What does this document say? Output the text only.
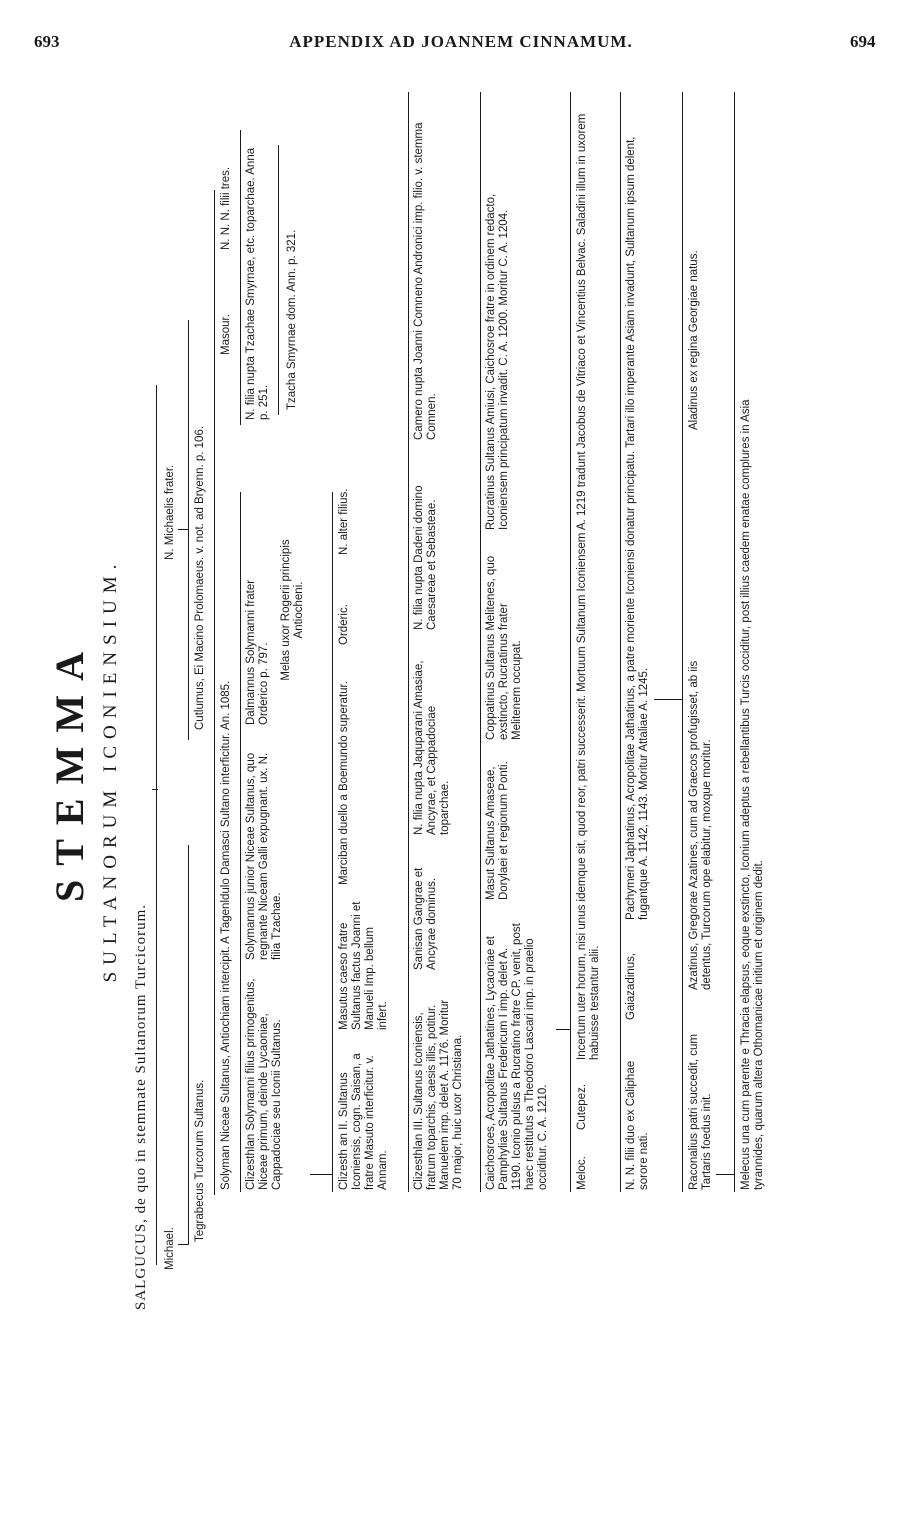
693	APPENDIX AD JOANNEM CINNAMUM.	694
STEMMA SULTANORUM ICONIENSIUM.
SALGUCUS, de quo in stemmate Sultanorum Turcicorum. Michael.
N. Michaelis frater.
Tegrabecus Turcorum Sultanus.
Cutlumus, Ei Macino Prolomaeus. v. not. ad Bryenn. p. 106.
Solyman Niceae Sultanus, Antiochiam intercipit. A Tagenldulo Damasci Sultano interficitur. An. 1085.
Masour.
N. N. N. filii tres.
Clizesthlan Solymanni filius primogenitus, Niceae primum, deinde Lycaoniae, Cappadociae seu Iconii Sultanus.
Solymannus junior Niceae Sultanus, quo regnante Niceam Galli expugnant. ux. N. filia Tzachae.
Dalmannus Solymanni frater Orderico p. 797.
N. filia nupta Tzachae Smyrnae, etc. toparchae. Anna p. 251.
Melas uxor Rogerii principis Antiocheni.
Tzacha Smyrnae dom. Ann. p. 321.
Clizesth an II. Sultanus Iconiensis, cogn. Saisan, a fratre Masuto interficitur. v. Annam.
Masutus caeso fratre Sultanus factus Joanni et Manueli Imp. bellum infert.
Marciban duello a Boemundo superatur.
Orderic.
N. alter filius.
Clizesthlan III. Sultanus Iconiensis, fratrum toparchis, caesis illis, potitur. Manuelem imp. delet A. 1176. Moritur 70 major, huic uxor Christiana.
Sanisan Gangrae et Ancyrae dominus.
N. filia nupta Jaquparani Amasiae, Ancyrae, et Cappadociae toparchae.
N. filia nupta Dadeni domino Caesareae et Sebasteae.
Camero nupta Joanni Comneno Andronici imp. filio. v. stemma Comnen.
Caichosroes, Acropolitae Jathatines, Lycaoniae et Pamphyliae Sultanus Fredericum I imp. delet A. 1190. Iconio pulsus a Rucratino fratre CP. venit, post haec restitutus a Theodoro Lascari imp. in praelio occiditur. C. A. 1210.
Masut Sultanus Amaseae, Dorylaei et regionum Ponti.
Coppatinus Sultanus Melitenes, quo exstincto, Rucratinus frater Melitenem occupat.
Rucratinus Sultanus Amiusi, Caichosroe fratre in ordinem redacto, Iconiensem principatum invadit. C. A. 1200. Moritur C. A. 1204.
Meloc.
Cutepez.
Incertum uter horum, nisi unus idemque sit, quod reor, patri successerit. Mortuum Sultanum Iconiensem A. 1219 tradunt Jacobus de Vitriaco et Vincentius Belvac. Saladini illum in uxorem habuisse testantur alii.
N. N. filii duo ex Caliphae sorore nati.
Gaiazadinus,
Pachymeri Japhatinus, Acropolitae Jathatinus, a patre moriente Iconiensi donatur principatu. Tartari illo imperante Asiam invadunt, Sultanum ipsum delent, fugantque A. 1142, 1143. Moritur Attaliae A. 1245.
Raconalius patri succedit, cum Tartaris foedus init.
Azatinus, Gregorae Azatines, cum ad Graecos profugisset, ab iis detentus, Turcorum ope elabitur, moxque moritur.
Aladinus ex regina Georgiae natus.
Melecus una cum parente e Thracia elapsus, eoque exstincto, Iconium adeptus a rebellantibus Turcis occiditur, post illius caedem enatae complures in Asia tyrannides, quarum altera Othomanicae initium et originem dedit.
